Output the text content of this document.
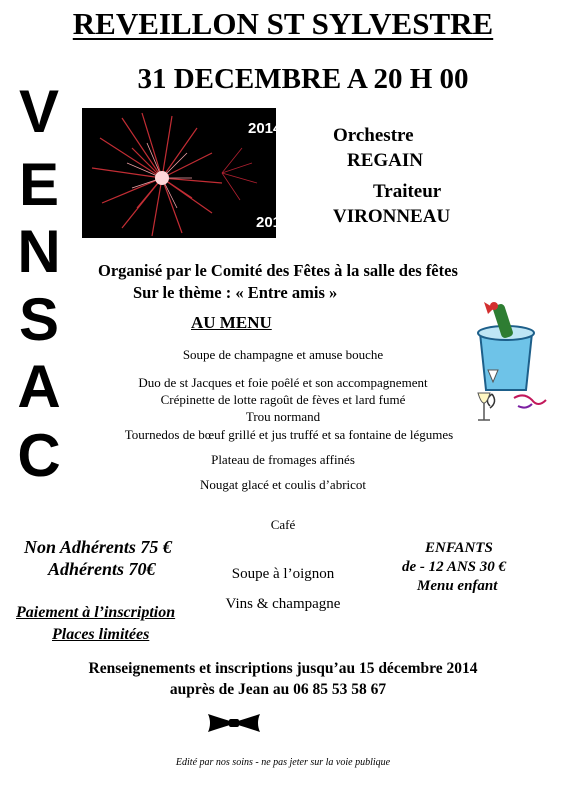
REVEILLON ST SYLVESTRE
31 DECEMBRE A 20 H 00
V
E
N
S
A
C
2014
2015
Orchestre
REGAIN
Traiteur
VIRONNEAU
Organisé par le Comité des Fêtes à la salle des fêtes
Sur le thème : « Entre amis »
AU MENU
Soupe de champagne et amuse bouche
Duo de st Jacques et foie poêlé et son accompagnement
Crépinette de lotte ragoût de fèves et lard fumé
Trou normand
Tournedos de bœuf grillé et jus truffé et sa fontaine de légumes
Plateau de fromages affinés
Nougat glacé et coulis d’abricot
Café
Soupe à l’oignon
Vins & champagne
Non Adhérents 75 €
Adhérents 70€
Paiement à l’inscription
Places limitées
ENFANTS
de - 12 ANS 30 €
Menu enfant
Renseignements et inscriptions jusqu’au 15 décembre 2014
auprès de Jean au 06 85 53 58 67
Edité par nos soins - ne pas jeter sur la voie publique
